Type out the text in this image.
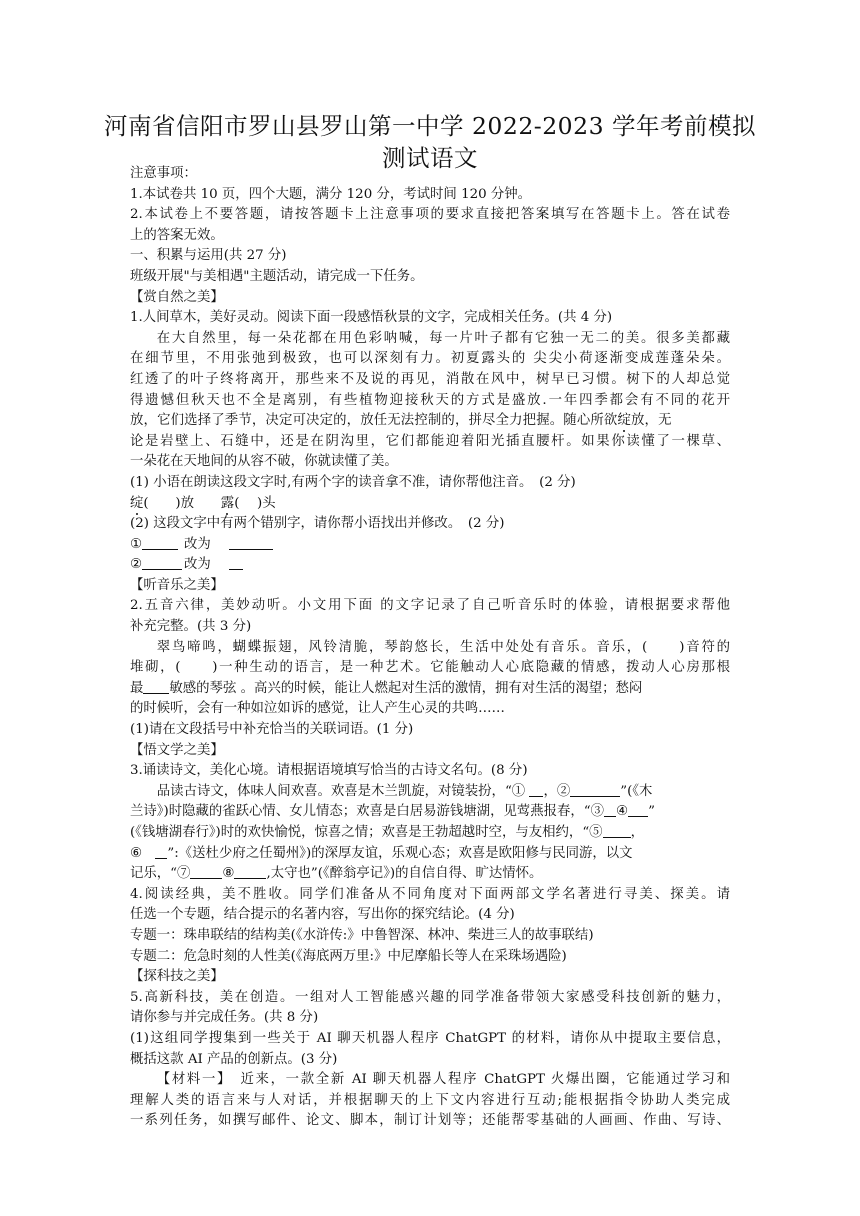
河南省信阳市罗山县罗山第一中学 2022-2023 学年考前模拟
测试语文
注意事项：
1.本试卷共 10 页，四个大题，满分 120 分，考试时间 120 分钟。
2.本试卷上不要答题，请按答题卡上注意事项的要求直接把答案填写在答题卡上。答在试卷
上的答案无效。
一、积累与运用(共 27 分)
班级开展"与美相遇"主题活动，请完成一下任务。
【赏自然之美】
1.人间草木，美好灵动。阅读下面一段感悟秋景的文字，完成相关任务。(共 4 分)
在大自然里，每一朵花都在用色彩呐喊，每一片叶子都有它独一无二的美。很多美都藏
在细节里，不用张弛到极致，也可以深刻有力。初夏露头的 尖尖小荷逐渐变成莲蓬朵朵。
红透了的叶子终将离开，那些来不及说的再见，消散在风中，树早已习惯。树下的人却总觉
得遗憾但秋天也不全是离别，有些植物迎接秋天的方式是盛放.一年四季都会有不同的花开
放，它们选择了季节，决定可决定的，放任无法控制的，拼尽全力把握。随心所欲绽放，无
论是岩壁上、石缝中，还是在阴沟里，它们都能迎着阳光插直腰杆。如果你读懂了一棵草、
一朵花在天地间的从容不破，你就读懂了美。
(1) 小语在朗读这段文字时,有两个字的读音拿不准，请你帮他注音。　(2 分)
绽(　　)放　　露(　 )头
(2) 这段文字中有两个错别字，请你帮小语找出并修改。　(2 分)
①	改为
②	改为
【听音乐之美】
2.五音六律，美妙动听。小文用下面 的文字记录了自己听音乐时的体验，请根据要求帮他
补充完整。(共 3 分)
翠鸟啼鸣，蝴蝶振翅，风铃清脆，琴韵悠长，生活中处处有音乐。音乐，(　　)音符的
堆砌，(　　)一种生动的语言，是一种艺术。它能触动人心底隐藏的情感，拨动人心房那根
最 敏感的琴弦 。高兴的时候，能让人燃起对生活的激情，拥有对生活的渴望；愁闷
的时候听，会有一种如泣如诉的感觉，让人产生心灵的共鸣……
(1)请在文段括号中补充恰当的关联词语。(1 分)
【悟文学之美】
3.诵读诗文，美化心境。请根据语境填写恰当的古诗文名句。(8 分)
品读古诗文，体味人间欢喜。欢喜是木兰凯旋，对镜装扮，“① ，②	”(《木
兰诗》)时隐藏的雀跃心情、女儿情态；欢喜是白居易游钱塘湖，见莺燕报春，“③ ④ ”
(《钱塘湖春行》)时的欢快愉悦，惊喜之情；欢喜是王勃超越时空，与友相约，“⑤ ，
⑥　”:《送杜少府之任蜀州》)的深厚友谊，乐观心态；欢喜是欧阳修与民同游，以文
记乐，“⑦ ⑧ ,太守也”(《醉翁亭记》)的自信自得、旷达情怀。
4.阅读经典，美不胜收。同学们准备从不同角度对下面两部文学名著进行寻美、探美。请
任选一个专题，结合提示的名著内容，写出你的探究结论。(4 分)
专题一：珠串联结的结构美(《水浒传:》中鲁智深、林冲、柴进三人的故事联结)
专题二：危急时刻的人性美(《海底两万里:》中尼摩船长等人在采珠场遇险)
【探科技之美】
5.高新科技，美在创造。一组对人工智能感兴趣的同学准备带领大家感受科技创新的魅力，
请你参与并完成任务。(共 8 分)
(1)这组同学搜集到一些关于 AI 聊天机器人程序 ChatGPT 的材料，请你从中提取主要信息，
概括这款 AI 产品的创新点。(3 分)
【材料一】　近来，一款全新 AI 聊天机器人程序 ChatGPT 火爆出圈，它能通过学习和
理解人类的语言来与人对话，并根据聊天的上下文内容进行互动;能根据指令协助人类完成
一系列任务，如撰写邮件、论文、脚本，制订计划等；还能帮零基础的人画画、作曲、写诗、
